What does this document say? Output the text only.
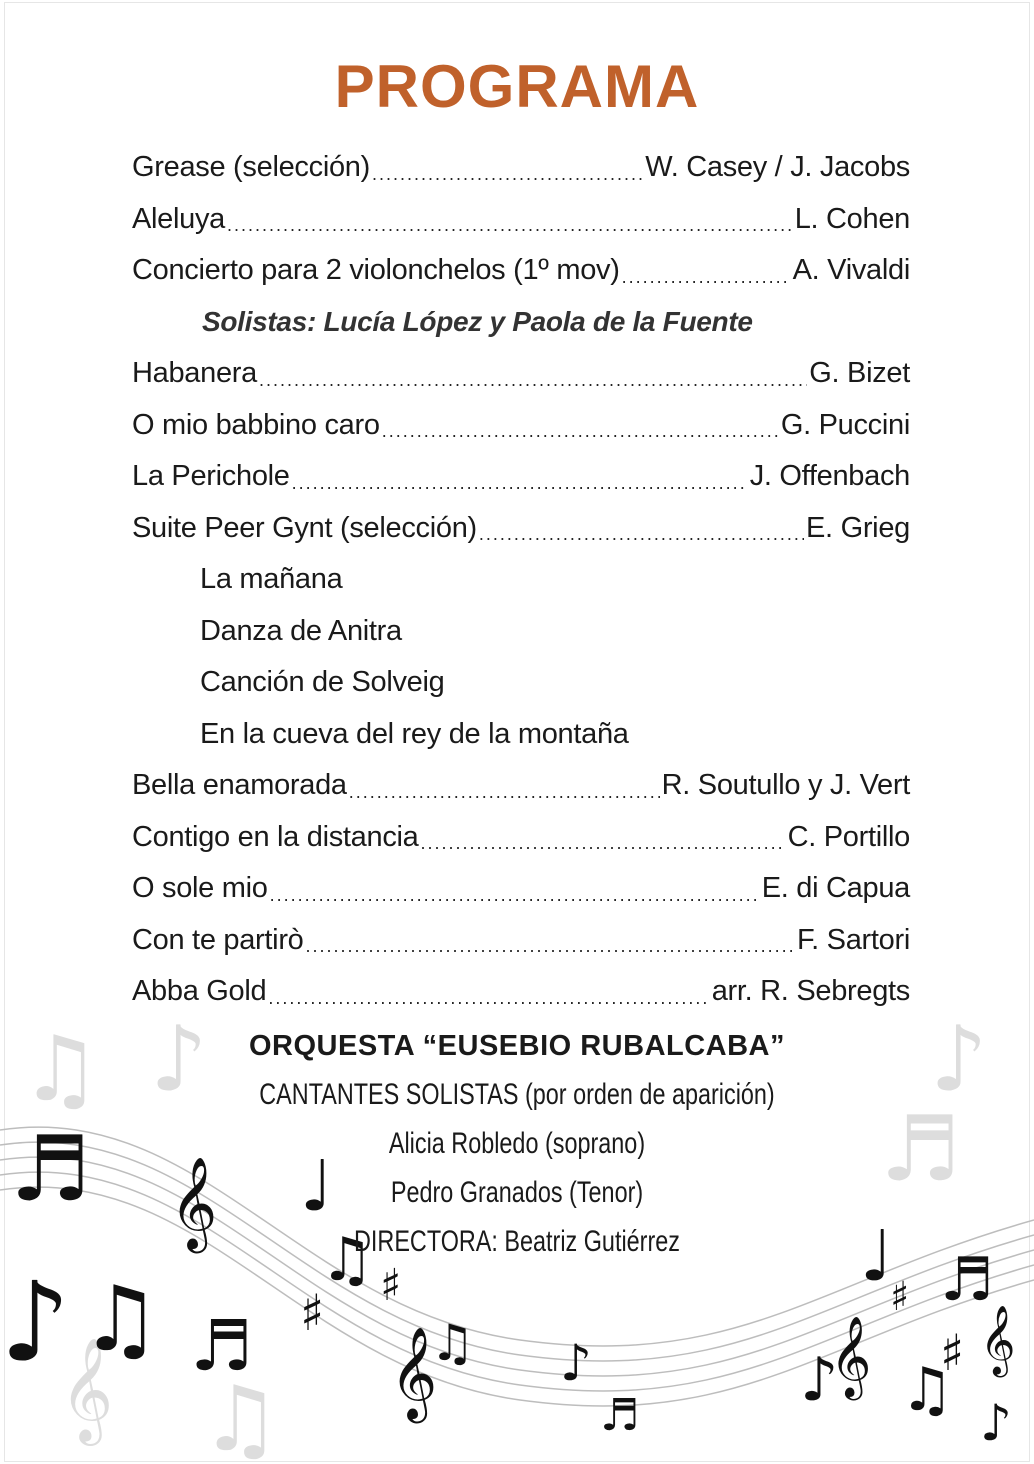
PROGRAMA
Grease (selección) .....	W. Casey / J. Jacobs
Aleluya .....	L. Cohen
Concierto para 2 violonchelos (1º mov) .....	A. Vivaldi
Solistas: Lucía López y Paola de la Fuente
Habanera .....	G. Bizet
O mio babbino caro .....	G. Puccini
La Perichole .....	J. Offenbach
Suite Peer Gynt (selección) .....	E. Grieg
La mañana
Danza de Anitra
Canción de Solveig
En la cueva del rey de la montaña
Bella enamorada .....	R. Soutullo y J. Vert
Contigo en la distancia .....	C. Portillo
O sole mio .....	E. di Capua
Con te partirò .....	F. Sartori
Abba Gold .....	arr. R. Sebregts
♫ ♪
𝄞
♪
♬
♫
♬
♪ ♫
𝄞 ♩
♬ ♯ ♯
♫
𝄞
♫ ♪
♬
♪
𝄞
♩
♯ ♬
♯ 𝄞
♫ ♪
ORQUESTA “EUSEBIO RUBALCABA”
CANTANTES SOLISTAS (por orden de aparición)
Alicia Robledo (soprano)
Pedro Granados (Tenor)
DIRECTORA: Beatriz Gutiérrez
